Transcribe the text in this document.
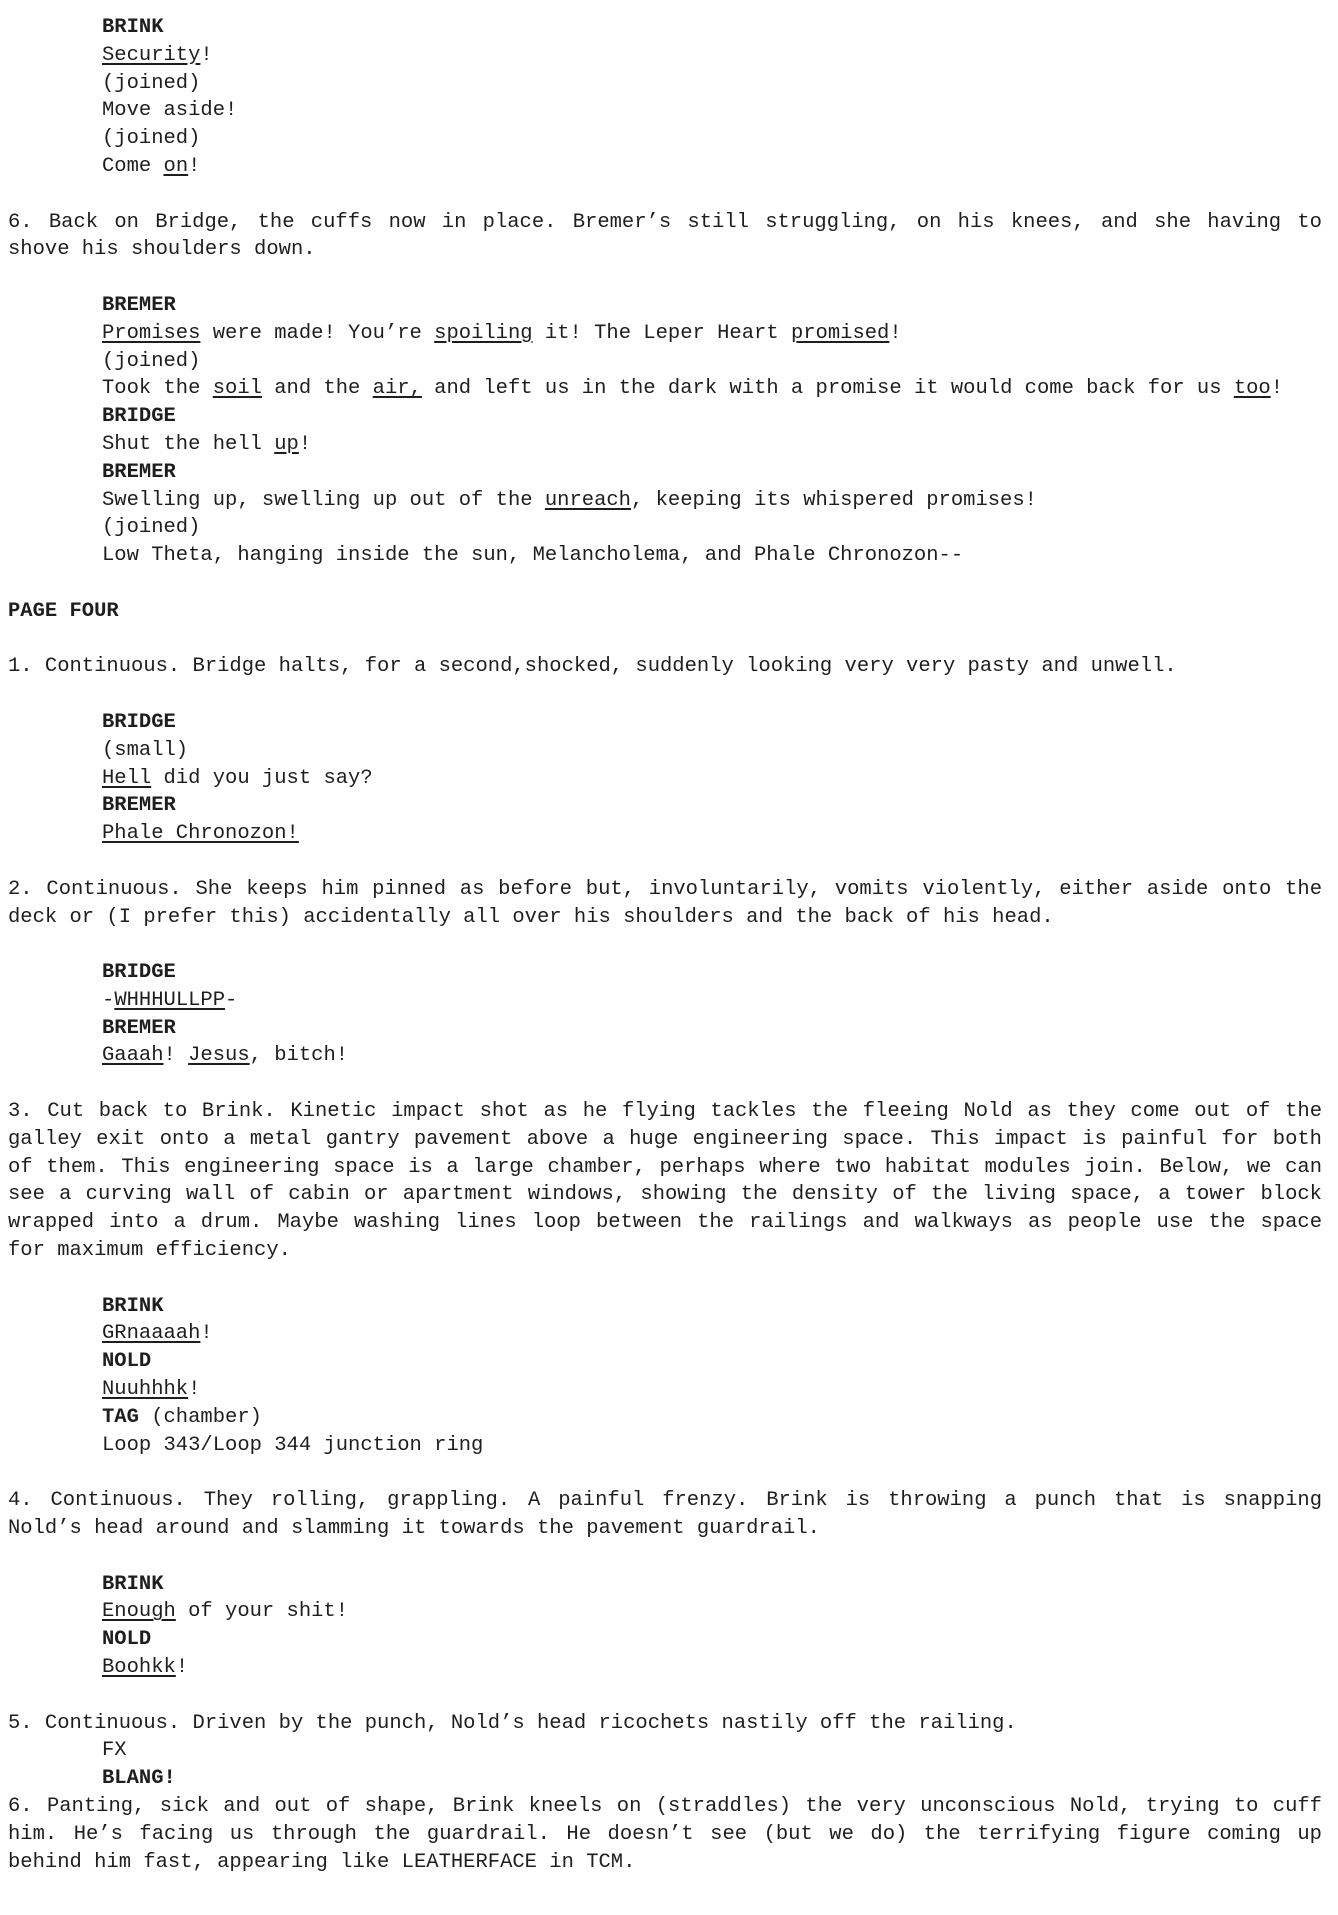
BRINK
Security!
(joined)
Move aside!
(joined)
Come on!
6. Back on Bridge, the cuffs now in place. Bremer’s still struggling, on his knees, and she having to shove his shoulders down.
BREMER
Promises were made! You’re spoiling it! The Leper Heart promised!
(joined)
Took the soil and the air, and left us in the dark with a promise it would come back for us too!
BRIDGE
Shut the hell up!
BREMER
Swelling up, swelling up out of the unreach, keeping its whispered promises!
(joined)
Low Theta, hanging inside the sun, Melancholema, and Phale Chronozon--
PAGE FOUR
1. Continuous. Bridge halts, for a second,shocked, suddenly looking very very pasty and unwell.
BRIDGE
(small)
Hell did you just say?
BREMER
Phale Chronozon!
2. Continuous. She keeps him pinned as before but, involuntarily, vomits violently, either aside onto the deck or (I prefer this) accidentally all over his shoulders and the back of his head.
BRIDGE
-WHHHULLPP-
BREMER
Gaaah! Jesus, bitch!
3. Cut back to Brink. Kinetic impact shot as he flying tackles the fleeing Nold as they come out of the galley exit onto a metal gantry pavement above a huge engineering space. This impact is painful for both of them. This engineering space is a large chamber, perhaps where two habitat modules join. Below, we can see a curving wall of cabin or apartment windows, showing the density of the living space, a tower block wrapped into a drum. Maybe washing lines loop between the railings and walkways as people use the space for maximum efficiency.
BRINK
GRnaaaah!
NOLD
Nuuhhhk!
TAG (chamber)
Loop 343/Loop 344 junction ring
4. Continuous. They rolling, grappling. A painful frenzy. Brink is throwing a punch that is snapping Nold’s head around and slamming it towards the pavement guardrail.
BRINK
Enough of your shit!
NOLD
Boohkk!
5. Continuous. Driven by the punch, Nold’s head ricochets nastily off the railing.
FX
BLANG!
6. Panting, sick and out of shape, Brink kneels on (straddles) the very unconscious Nold, trying to cuff him. He’s facing us through the guardrail. He doesn’t see (but we do) the terrifying figure coming up behind him fast, appearing like LEATHERFACE in TCM.
